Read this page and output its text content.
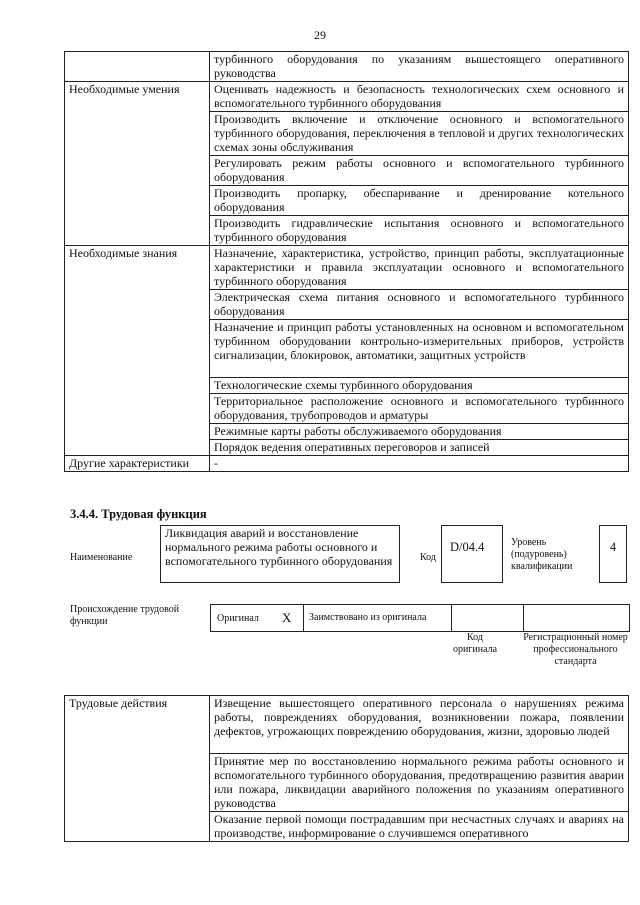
29
	турбинного оборудования по указаниям вышестоящего оперативного руководства
Необходимые умения	Оценивать надежность и безопасность технологических схем основного и вспомогательного турбинного оборудования
	Производить включение и отключение основного и вспомогательного турбинного оборудования, переключения в тепловой и других технологических схемах зоны обслуживания
	Регулировать режим работы основного и вспомогательного турбинного оборудования
	Производить пропарку, обеспаривание и дренирование котельного оборудования
	Производить гидравлические испытания основного и вспомогательного турбинного оборудования
Необходимые знания	Назначение, характеристика, устройство, принцип работы, эксплуатационные характеристики и правила эксплуатации основного и вспомогательного турбинного оборудования
	Электрическая схема питания основного и вспомогательного турбинного оборудования
	Назначение и принцип работы установленных на основном и вспомогательном турбинном оборудовании контрольно-измерительных приборов, устройств сигнализации, блокировок, автоматики, защитных устройств
	Технологические схемы турбинного оборудования
	Территориальное расположение основного и вспомогательного турбинного оборудования, трубопроводов и арматуры
	Режимные карты работы обслуживаемого оборудования
	Порядок ведения оперативных переговоров и записей
Другие характеристики	-
3.4.4. Трудовая функция
Наименование
Ликвидация аварий и восстановление нормального режима работы основного и вспомогательного турбинного оборудования	Код
D/04.4	Уровень (подуровень) квалификации
4
Происхождение трудовой функции	Оригинал X Заимствовано из оригинала
Код оригинала
Регистрационный номер профессионального стандарта
Трудовые действия	Извещение вышестоящего оперативного персонала о нарушениях режима работы, повреждениях оборудования, возникновении пожара, появлении дефектов, угрожающих повреждению оборудования, жизни, здоровью людей
Принятие мер по восстановлению нормального режима работы основного и вспомогательного турбинного оборудования, предотвращению развития аварии или пожара, ликвидации аварийного положения по указаниям оперативного руководства
Оказание первой помощи пострадавшим при несчастных случаях и авариях на производстве, информирование о случившемся оперативного
